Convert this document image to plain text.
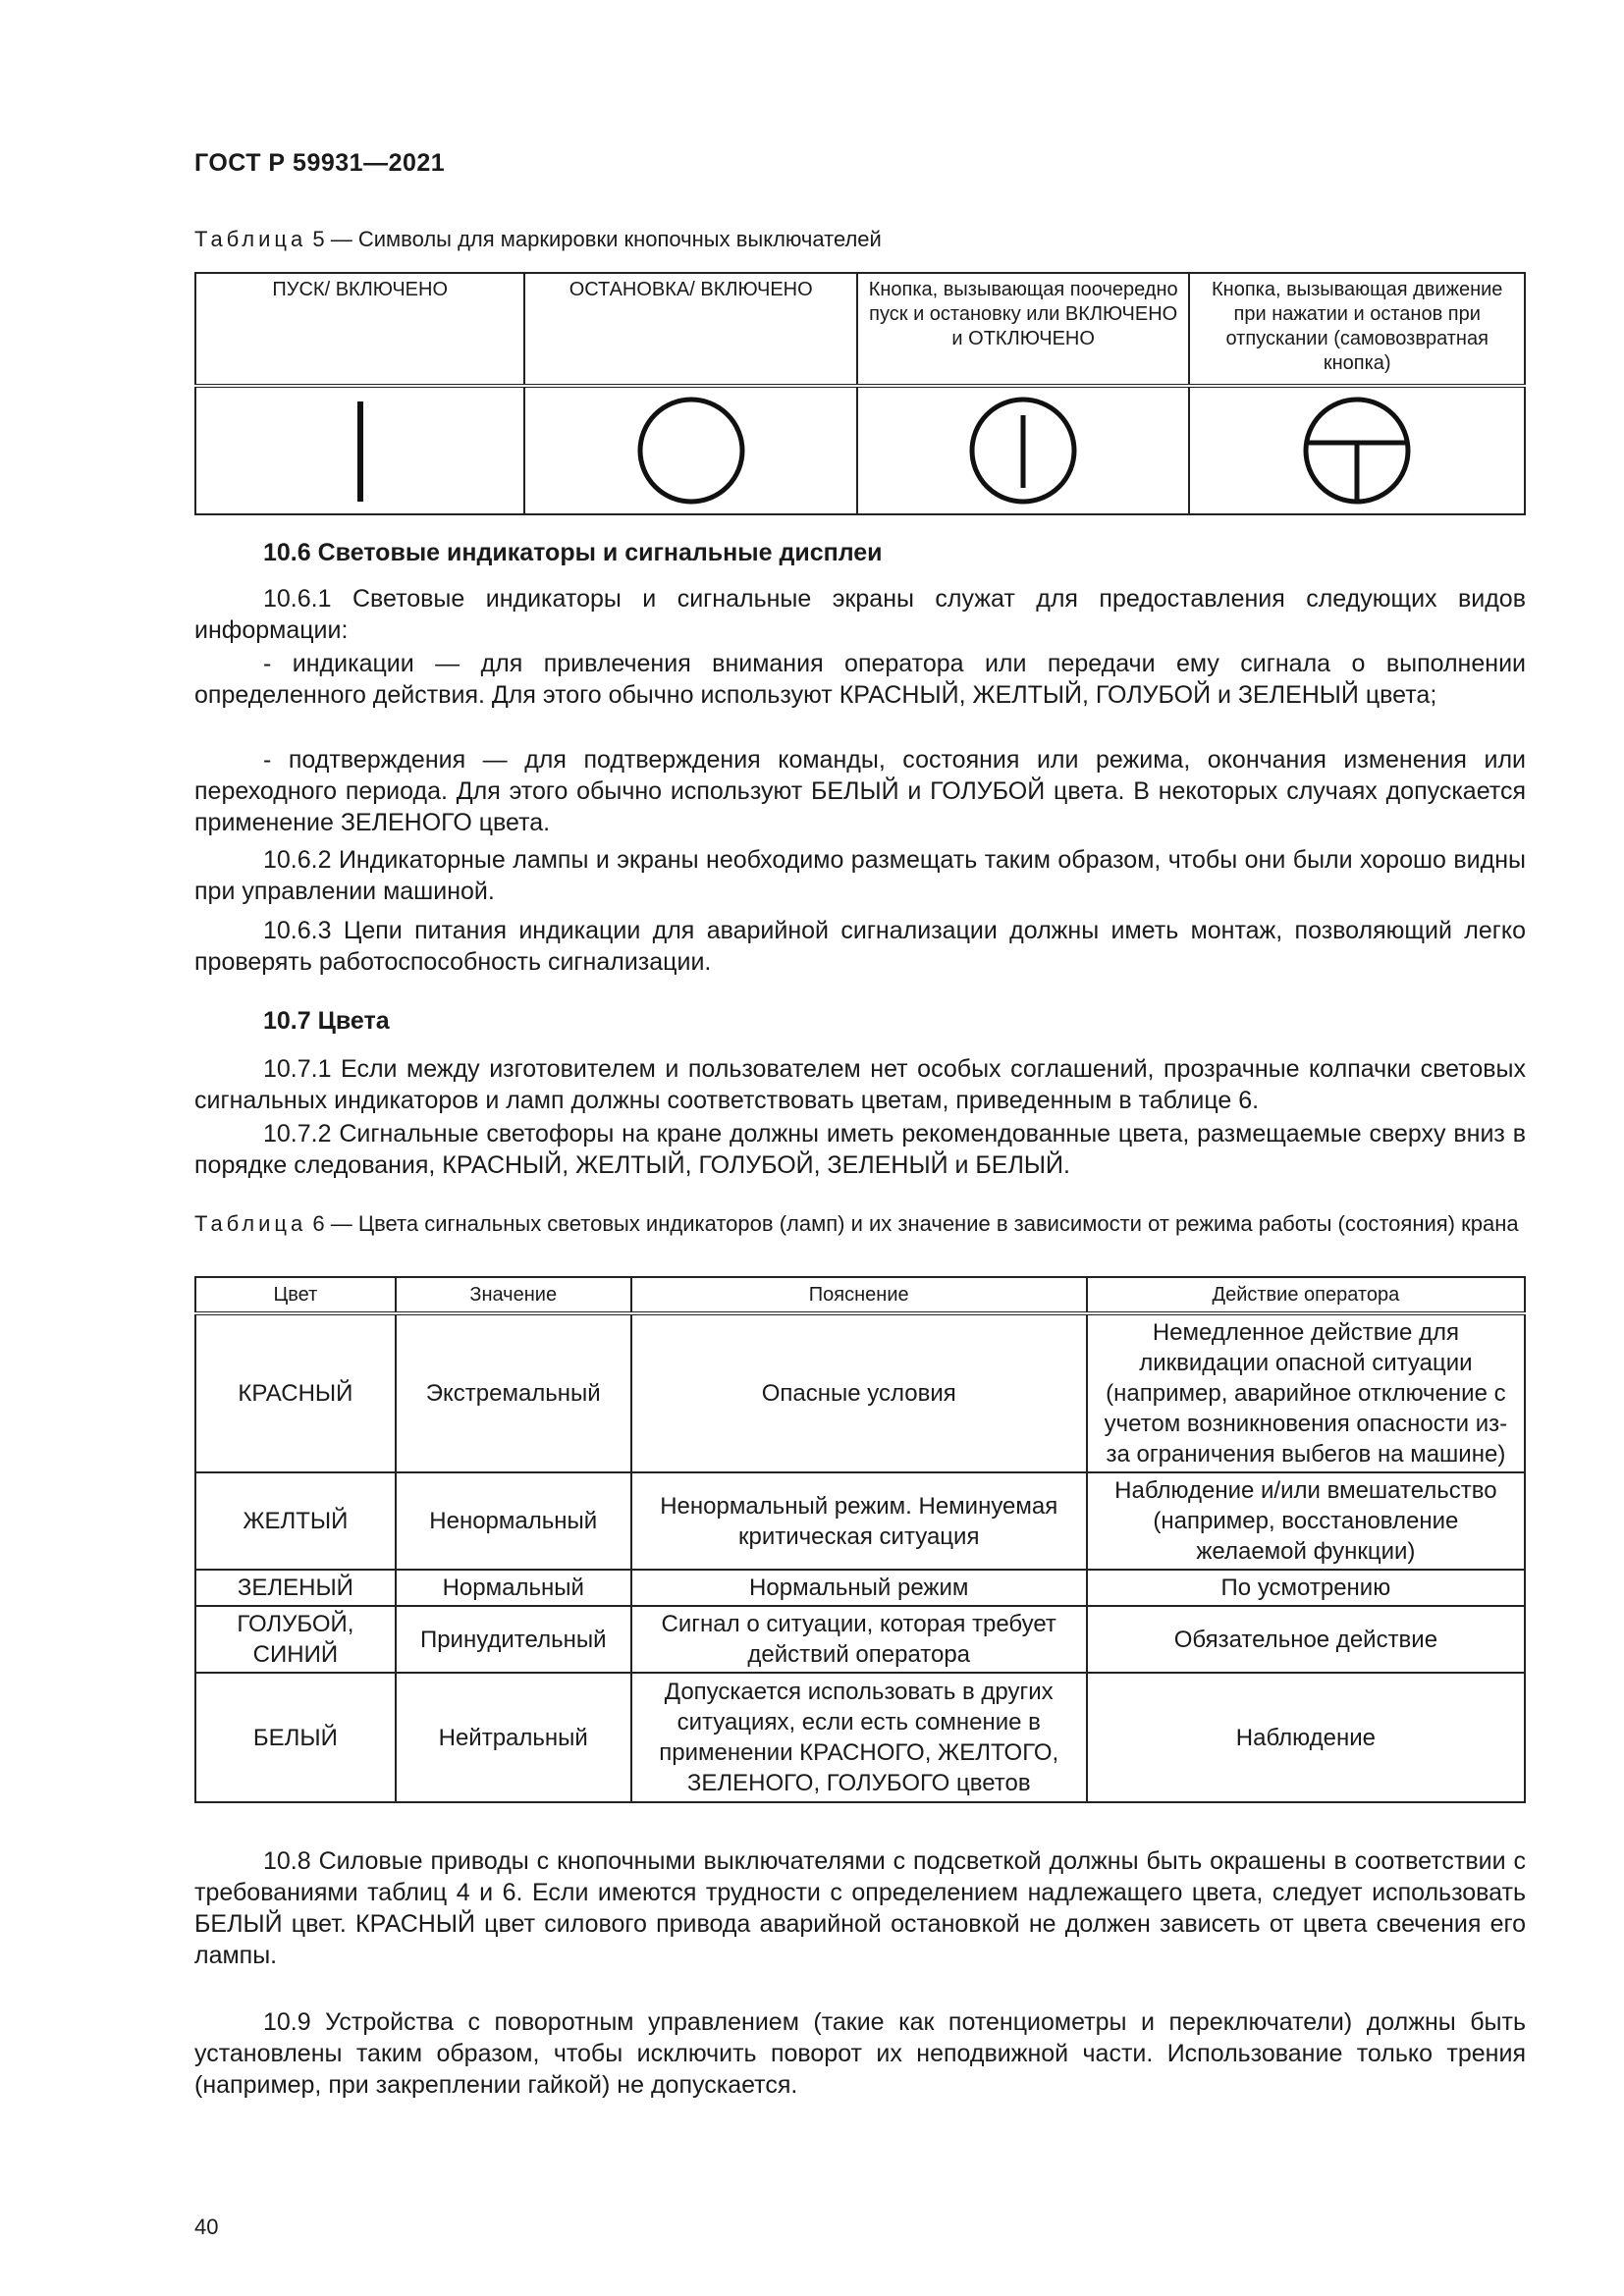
ГОСТ Р 59931—2021
Таблица 5 — Символы для маркировки кнопочных выключателей
ПУСК/ ВКЛЮЧЕНО	ОСТАНОВКА/ ВКЛЮЧЕНО	Кнопка, вызывающая поочередно пуск и остановку или ВКЛЮЧЕНО и ОТКЛЮЧЕНО	Кнопка, вызывающая движение при нажатии и останов при отпускании (самовозвратная кнопка)

10.6 Световые индикаторы и сигнальные дисплеи

10.6.1 Световые индикаторы и сигнальные экраны служат для предоставления следующих видов информации:

- индикации — для привлечения внимания оператора или передачи ему сигнала о выполнении определенного действия. Для этого обычно используют КРАСНЫЙ, ЖЕЛТЫЙ, ГОЛУБОЙ и ЗЕЛЕНЫЙ цвета;

- подтверждения — для подтверждения команды, состояния или режима, окончания изменения или переходного периода. Для этого обычно используют БЕЛЫЙ и ГОЛУБОЙ цвета. В некоторых случаях допускается применение ЗЕЛЕНОГО цвета.

10.6.2 Индикаторные лампы и экраны необходимо размещать таким образом, чтобы они были хорошо видны при управлении машиной.

10.6.3 Цепи питания индикации для аварийной сигнализации должны иметь монтаж, позволяющий легко проверять работоспособность сигнализации.

10.7 Цвета

10.7.1 Если между изготовителем и пользователем нет особых соглашений, прозрачные колпачки световых сигнальных индикаторов и ламп должны соответствовать цветам, приведенным в таблице 6.

10.7.2 Сигнальные светофоры на кране должны иметь рекомендованные цвета, размещаемые сверху вниз в порядке следования, КРАСНЫЙ, ЖЕЛТЫЙ, ГОЛУБОЙ, ЗЕЛЕНЫЙ и БЕЛЫЙ.

Таблица 6 — Цвета сигнальных световых индикаторов (ламп) и их значение в зависимости от режима работы (состояния) крана
Цвет	Значение	Пояснение	Действие оператора
КРАСНЫЙ	Экстремальный	Опасные условия	Немедленное действие для ликвидации опасной ситуации (например, аварийное отключение с учетом возникновения опасности из-за ограничения выбегов на машине)
ЖЕЛТЫЙ	Ненормальный	Ненормальный режим. Неминуемая критическая ситуация	Наблюдение и/или вмешательство (например, восстановление желаемой функции)
ЗЕЛЕНЫЙ	Нормальный	Нормальный режим	По усмотрению
ГОЛУБОЙ, СИНИЙ	Принудительный	Сигнал о ситуации, которая требует действий оператора	Обязательное действие
БЕЛЫЙ	Нейтральный	Допускается использовать в других ситуациях, если есть сомнение в применении КРАСНОГО, ЖЕЛТОГО, ЗЕЛЕНОГО, ГОЛУБОГО цветов	Наблюдение

10.8 Силовые приводы с кнопочными выключателями с подсветкой должны быть окрашены в соответствии с требованиями таблиц 4 и 6. Если имеются трудности с определением надлежащего цвета, следует использовать БЕЛЫЙ цвет. КРАСНЫЙ цвет силового привода аварийной остановкой не должен зависеть от цвета свечения его лампы.

10.9 Устройства с поворотным управлением (такие как потенциометры и переключатели) должны быть установлены таким образом, чтобы исключить поворот их неподвижной части. Использование только трения (например, при закреплении гайкой) не допускается.

40
